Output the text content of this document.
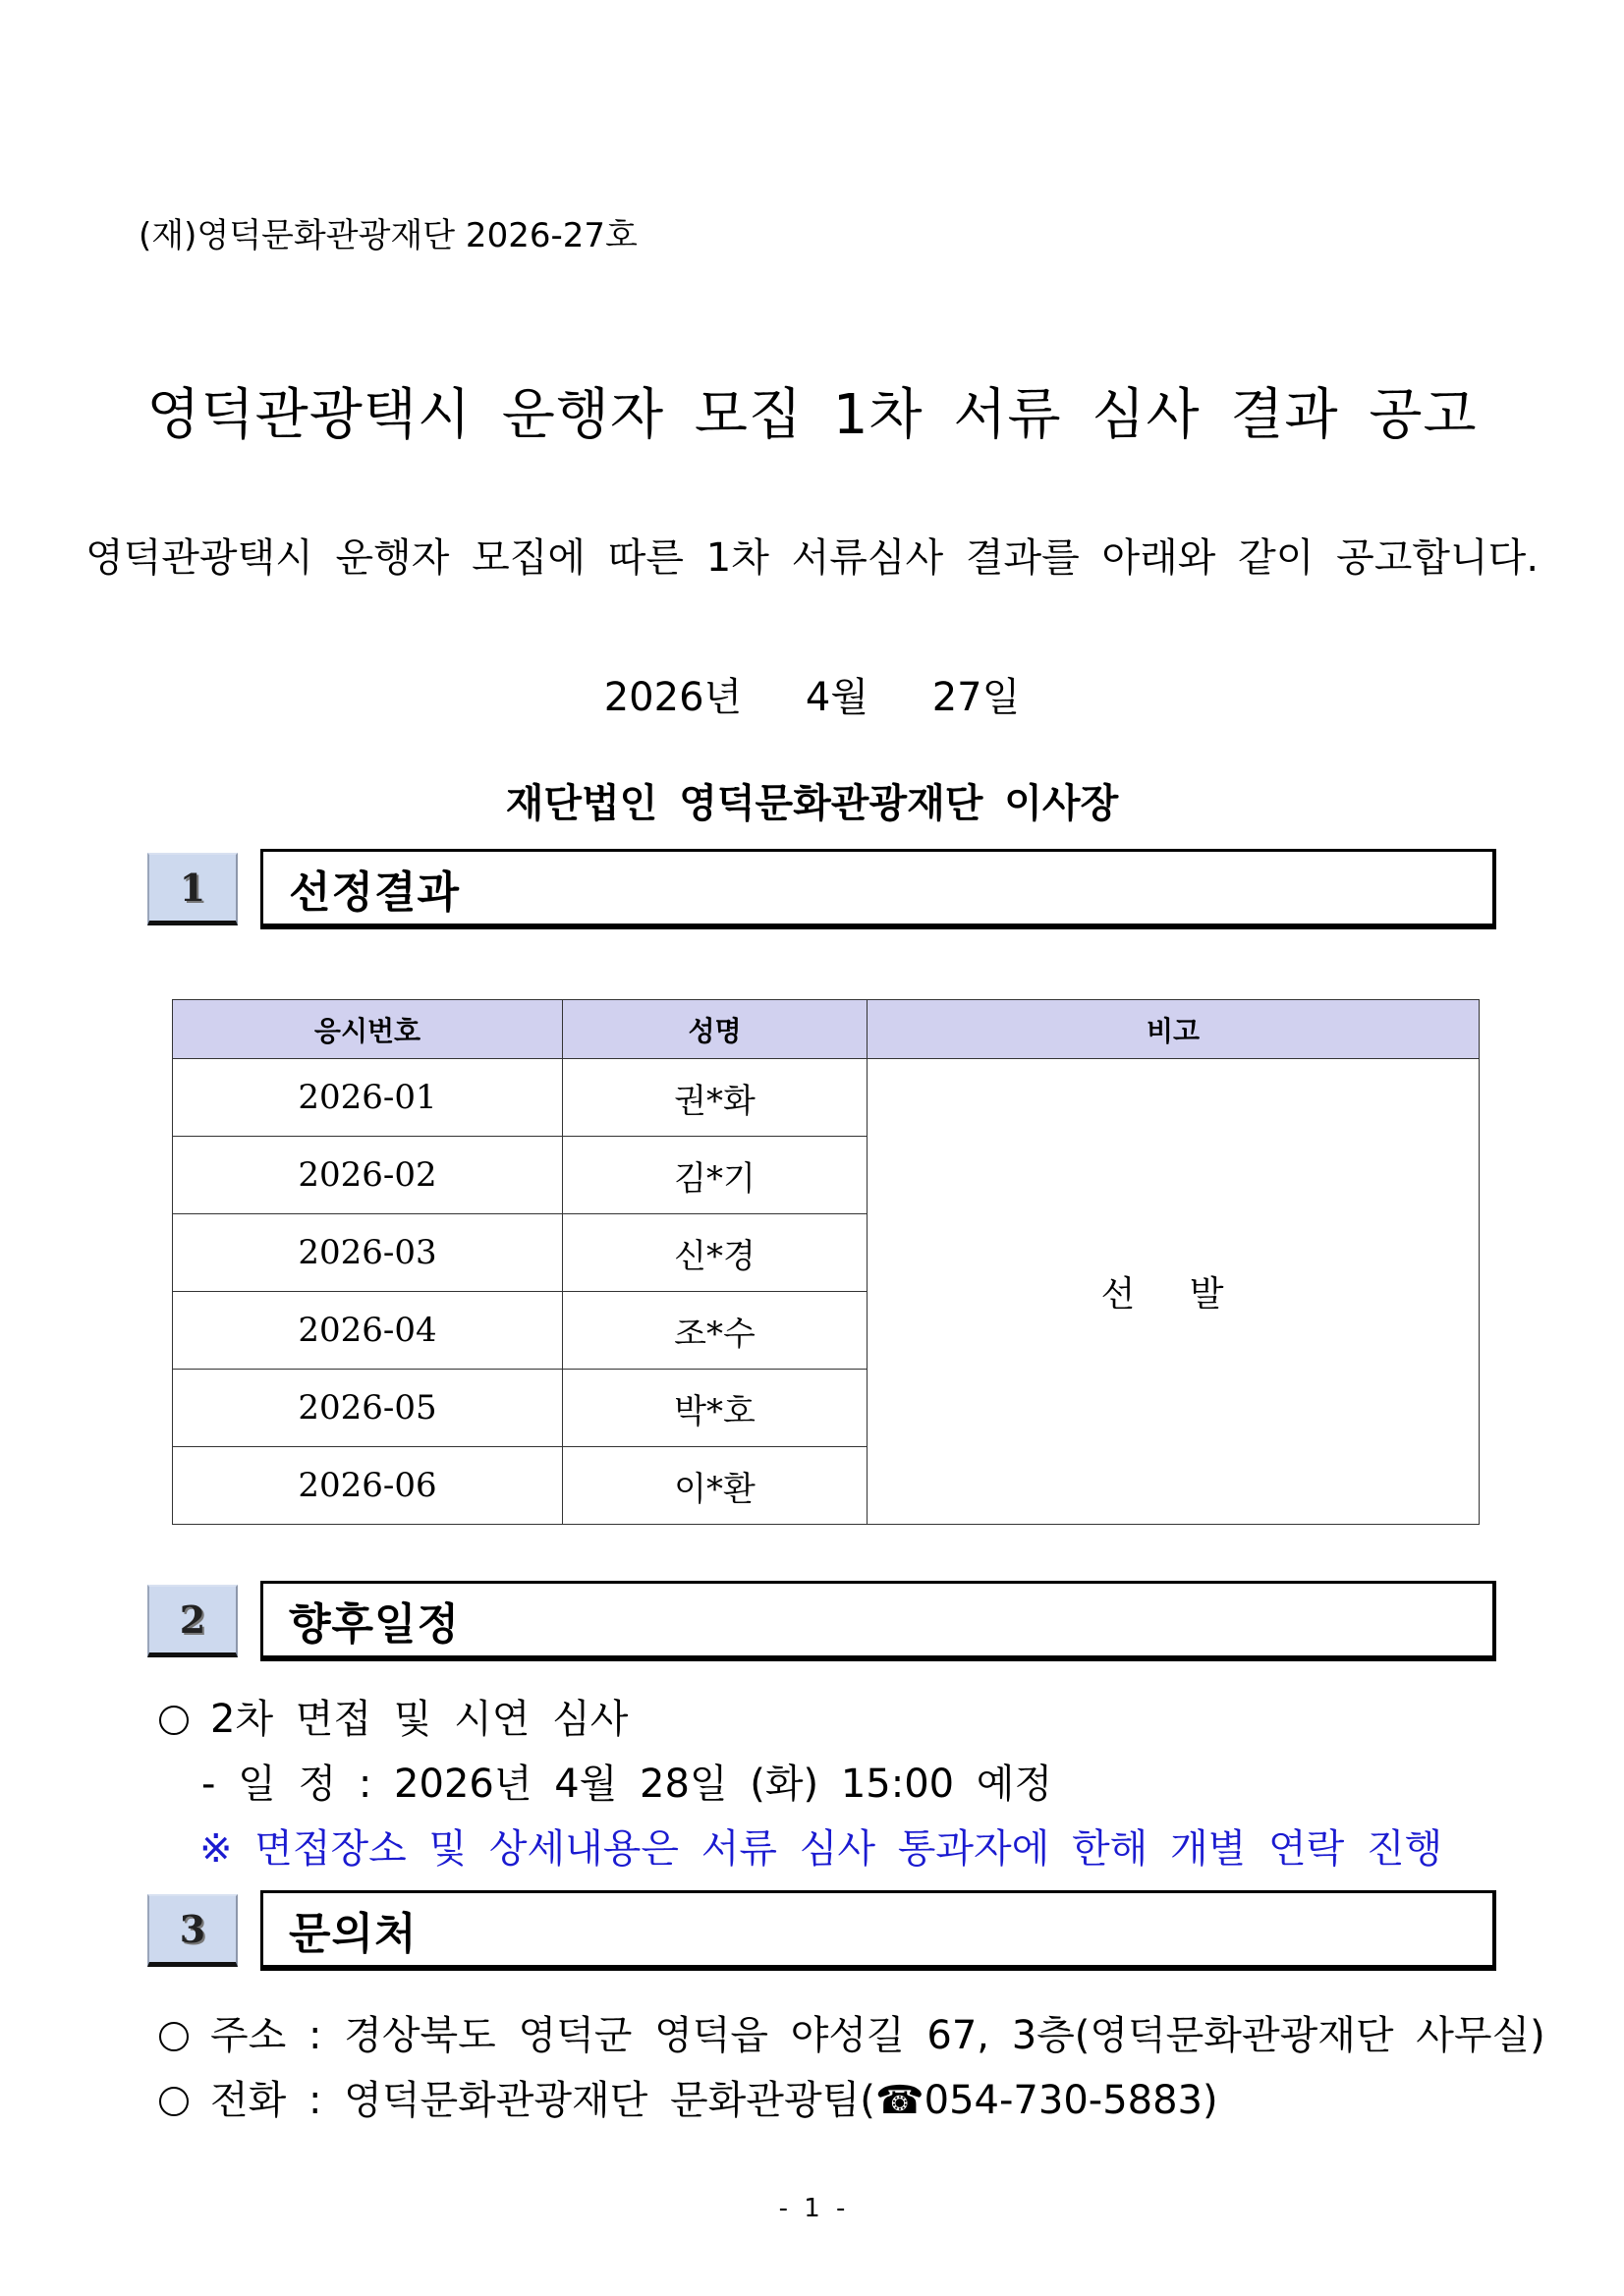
(재)영덕문화관광재단 2026-27호
영덕관광택시 운행자 모집 1차 서류 심사 결과 공고
영덕관광택시 운행자 모집에 따른 1차 서류심사 결과를 아래와 같이 공고합니다.
2026년 4월 27일
재단법인 영덕문화관광재단 이사장
1	선정결과
응시번호	성명	비고
2026-01	권*화	선 발
2026-02	김*기	
2026-03	신*경	
2026-04	조*수	
2026-05	박*호	
2026-06	이*환	
2	향후일정
2차 면접 및 시연 심사
- 일 정 : 2026년 4월 28일 (화) 15:00 예정
※ 면접장소 및 상세내용은 서류 심사 통과자에 한해 개별 연락 진행
3	문의처
주소 : 경상북도 영덕군 영덕읍 야성길 67, 3층(영덕문화관광재단 사무실)
전화 : 영덕문화관광재단 문화관광팀(☎054-730-5883)
- 1 -
